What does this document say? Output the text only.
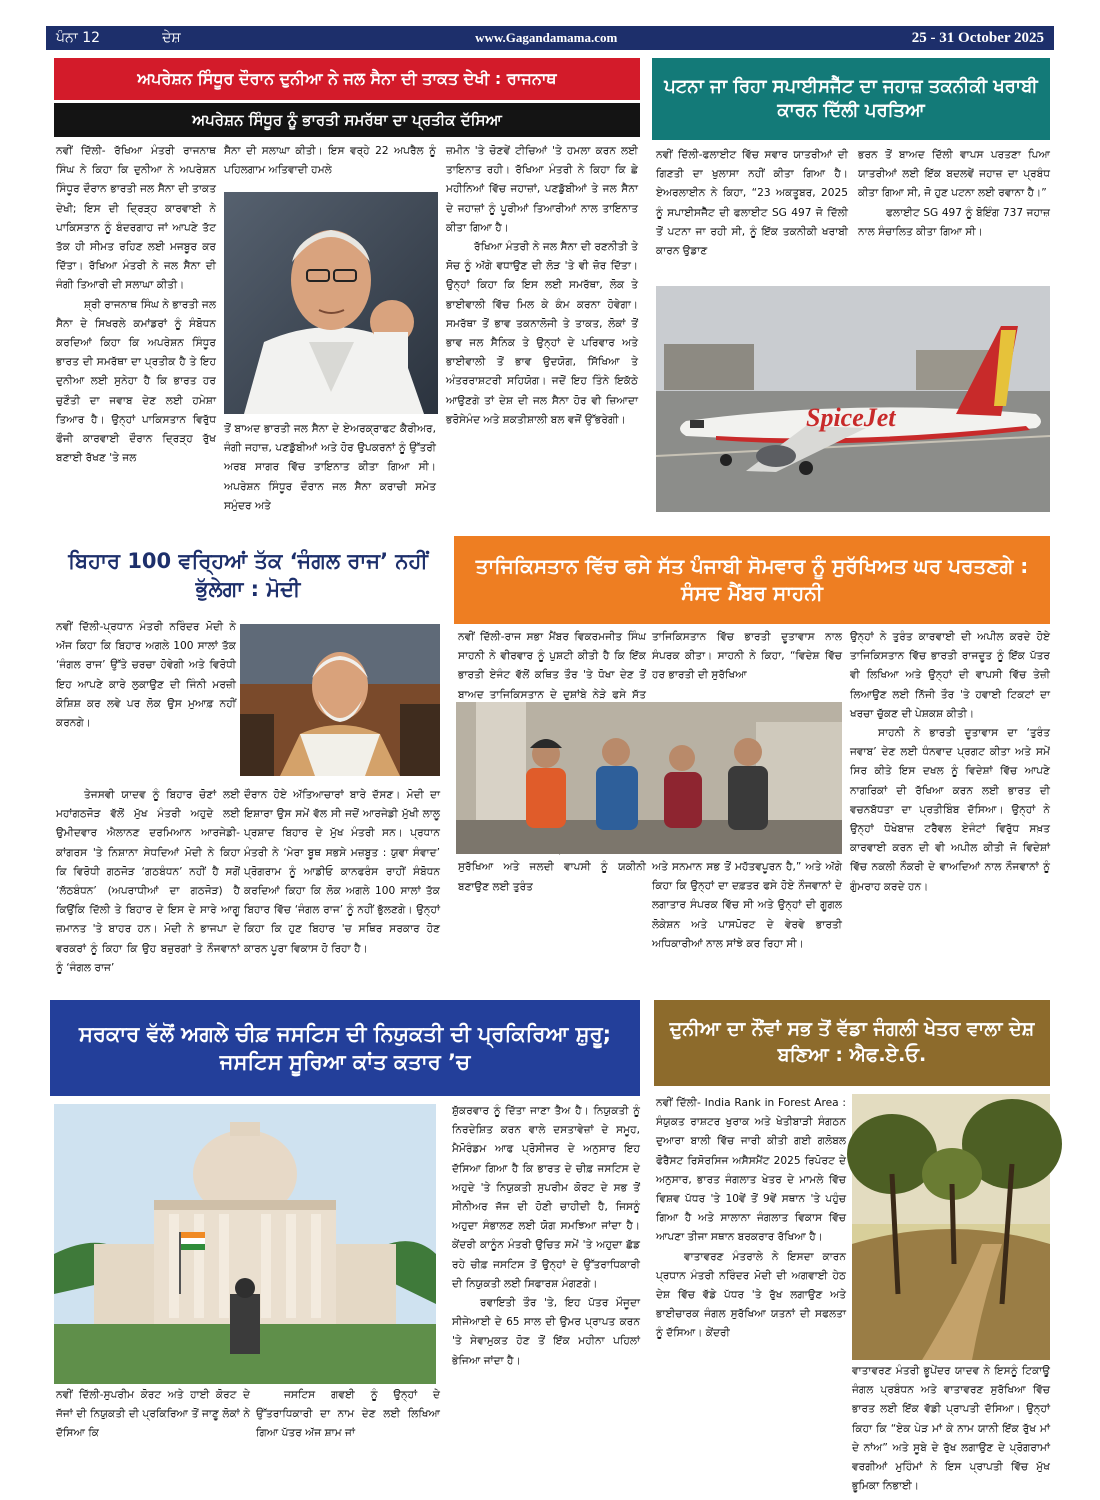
ਪੰਨਾ 12	ਦੇਸ਼	www.Gagandamama.com	25 - 31 October 2025
ਅਪਰੇਸ਼ਨ ਸਿੰਧੂਰ ਦੌਰਾਨ ਦੁਨੀਆ ਨੇ ਜਲ ਸੈਨਾ ਦੀ ਤਾਕਤ ਦੇਖੀ : ਰਾਜਨਾਥ
ਅਪਰੇਸ਼ਨ ਸਿੰਧੂਰ ਨੂੰ ਭਾਰਤੀ ਸਮਰੱਥਾ ਦਾ ਪ੍ਰਤੀਕ ਦੱਸਿਆ

ਨਵੀਂ ਦਿੱਲੀ- ਰੱਖਿਆ ਮੰਤਰੀ ਰਾਜਨਾਥ ਸਿੰਘ ਨੇ ਕਿਹਾ ਕਿ ਦੁਨੀਆ ਨੇ ਅਪਰੇਸ਼ਨ ਸਿੰਧੂਰ ਦੌਰਾਨ ਭਾਰਤੀ ਜਲ ਸੈਨਾ ਦੀ ਤਾਕਤ ਦੇਖੀ; ਇਸ ਦੀ ਦ੍ਰਿੜ੍ਹ ਕਾਰਵਾਈ ਨੇ ਪਾਕਿਸਤਾਨ ਨੂੰ ਬੰਦਰਗਾਹ ਜਾਂ ਆਪਣੇ ਤੱਟ ਤੱਕ ਹੀ ਸੀਮਤ ਰਹਿਣ ਲਈ ਮਜਬੂਰ ਕਰ ਦਿੱਤਾ। ਰੱਖਿਆ ਮੰਤਰੀ ਨੇ ਜਲ ਸੈਨਾ ਦੀ ਜੰਗੀ ਤਿਆਰੀ ਦੀ ਸਲਾਘਾ ਕੀਤੀ।

ਸ਼੍ਰੀ ਰਾਜਨਾਥ ਸਿੰਘ ਨੇ ਭਾਰਤੀ ਜਲ ਸੈਨਾ ਦੇ ਸਿਖਰਲੇ ਕਮਾਂਡਰਾਂ ਨੂੰ ਸੰਬੋਧਨ ਕਰਦਿਆਂ ਕਿਹਾ ਕਿ ਅਪਰੇਸ਼ਨ ਸਿੰਧੂਰ ਭਾਰਤ ਦੀ ਸਮਰੱਥਾ ਦਾ ਪ੍ਰਤੀਕ ਹੈ ਤੇ ਇਹ ਦੁਨੀਆ ਲਈ ਸੁਨੇਹਾ ਹੈ ਕਿ ਭਾਰਤ ਹਰ ਚੁਣੌਤੀ ਦਾ ਜਵਾਬ ਦੇਣ ਲਈ ਹਮੇਸ਼ਾ ਤਿਆਰ ਹੈ। ਉਨ੍ਹਾਂ ਪਾਕਿਸਤਾਨ ਵਿਰੁੱਧ ਫੌਜੀ ਕਾਰਵਾਈ ਦੌਰਾਨ ਦ੍ਰਿੜ੍ਹ ਰੁੱਖ ਬਣਾਈ ਰੱਖਣ 'ਤੇ ਜਲ

ਸੈਨਾ ਦੀ ਸਲਾਘਾ ਕੀਤੀ। ਇਸ ਵਰ੍ਹੇ 22 ਅਪਰੈਲ ਨੂੰ ਪਹਿਲਗਾਮ ਅਤਿਵਾਦੀ ਹਮਲੇ

ਤੋਂ ਬਾਅਦ ਭਾਰਤੀ ਜਲ ਸੈਨਾ ਦੇ ਏਅਰਕ੍ਰਾਫਟ ਕੈਰੀਅਰ, ਜੰਗੀ ਜਹਾਜ਼, ਪਣਡੁੱਬੀਆਂ ਅਤੇ ਹੋਰ ਉਪਕਰਨਾਂ ਨੂੰ ਉੱਤਰੀ ਅਰਬ ਸਾਗਰ ਵਿੱਚ ਤਾਇਨਾਤ ਕੀਤਾ ਗਿਆ ਸੀ। ਅਪਰੇਸ਼ਨ ਸਿੰਧੂਰ ਦੌਰਾਨ ਜਲ ਸੈਨਾ ਕਰਾਚੀ ਸਮੇਤ ਸਮੁੰਦਰ ਅਤੇ

ਜ਼ਮੀਨ 'ਤੇ ਚੋਣਵੇਂ ਟੀਚਿਆਂ 'ਤੇ ਹਮਲਾ ਕਰਨ ਲਈ ਤਾਇਨਾਤ ਰਹੀ। ਰੱਖਿਆ ਮੰਤਰੀ ਨੇ ਕਿਹਾ ਕਿ ਛੇ ਮਹੀਨਿਆਂ ਵਿੱਚ ਜਹਾਜ਼ਾਂ, ਪਣਡੁੱਬੀਆਂ ਤੇ ਜਲ ਸੈਨਾ ਦੇ ਜਹਾਜ਼ਾਂ ਨੂੰ ਪੂਰੀਆਂ ਤਿਆਰੀਆਂ ਨਾਲ ਤਾਇਨਾਤ ਕੀਤਾ ਗਿਆ ਹੈ।

ਰੱਖਿਆ ਮੰਤਰੀ ਨੇ ਜਲ ਸੈਨਾ ਦੀ ਰਣਨੀਤੀ ਤੇ ਸੋਚ ਨੂੰ ਅੱਗੇ ਵਧਾਉਣ ਦੀ ਲੋੜ 'ਤੇ ਵੀ ਜ਼ੋਰ ਦਿੱਤਾ। ਉਨ੍ਹਾਂ ਕਿਹਾ ਕਿ ਇਸ ਲਈ ਸਮਰੱਥਾ, ਲੋਕ ਤੇ ਭਾਈਵਾਲੀ ਵਿੱਚ ਮਿਲ ਕੇ ਕੰਮ ਕਰਨਾ ਹੋਵੇਗਾ। ਸਮਰੱਥਾ ਤੋਂ ਭਾਵ ਤਕਨਾਲੋਜੀ ਤੇ ਤਾਕਤ, ਲੋਕਾਂ ਤੋਂ ਭਾਵ ਜਲ ਸੈਨਿਕ ਤੇ ਉਨ੍ਹਾਂ ਦੇ ਪਰਿਵਾਰ ਅਤੇ ਭਾਈਵਾਲੀ ਤੋਂ ਭਾਵ ਉਦਯੋਗ, ਸਿੱਖਿਆ ਤੇ ਅੰਤਰਰਾਸ਼ਟਰੀ ਸਹਿਯੋਗ। ਜਦੋਂ ਇਹ ਤਿੰਨੇ ਇਕੱਠੇ ਆਉਣਗੇ ਤਾਂ ਦੇਸ਼ ਦੀ ਜਲ ਸੈਨਾ ਹੋਰ ਵੀ ਜ਼ਿਆਦਾ ਭਰੋਸੇਮੰਦ ਅਤੇ ਸ਼ਕਤੀਸ਼ਾਲੀ ਬਲ ਵਜੋਂ ਉੱਭਰੇਗੀ।

ਪਟਨਾ ਜਾ ਰਿਹਾ ਸਪਾਈਸਜੈੱਟ ਦਾ ਜਹਾਜ਼ ਤਕਨੀਕੀ ਖਰਾਬੀ ਕਾਰਨ ਦਿੱਲੀ ਪਰਤਿਆ

ਨਵੀਂ ਦਿੱਲੀ-ਫਲਾਈਟ ਵਿੱਚ ਸਵਾਰ ਯਾਤਰੀਆਂ ਦੀ ਗਿਣਤੀ ਦਾ ਖੁਲਾਸਾ ਨਹੀਂ ਕੀਤਾ ਗਿਆ ਹੈ। ਏਅਰਲਾਈਨ ਨੇ ਕਿਹਾ, “23 ਅਕਤੂਬਰ, 2025 ਨੂੰ ਸਪਾਈਸਜੈੱਟ ਦੀ ਫਲਾਈਟ SG 497 ਜੋ ਦਿੱਲੀ ਤੋਂ ਪਟਨਾ ਜਾ ਰਹੀ ਸੀ, ਨੂੰ ਇੱਕ ਤਕਨੀਕੀ ਖਰਾਬੀ ਕਾਰਨ ਉਡਾਣ

ਭਰਨ ਤੋਂ ਬਾਅਦ ਦਿੱਲੀ ਵਾਪਸ ਪਰਤਣਾ ਪਿਆ ਯਾਤਰੀਆਂ ਲਈ ਇੱਕ ਬਦਲਵੇਂ ਜਹਾਜ਼ ਦਾ ਪ੍ਰਬੰਧ ਕੀਤਾ ਗਿਆ ਸੀ, ਜੋ ਹੁਣ ਪਟਨਾ ਲਈ ਰਵਾਨਾ ਹੈ।”

ਫਲਾਈਟ SG 497 ਨੂੰ ਬੋਇੰਗ 737 ਜਹਾਜ਼ ਨਾਲ ਸੰਚਾਲਿਤ ਕੀਤਾ ਗਿਆ ਸੀ।

SpiceJet
ਬਿਹਾਰ 100 ਵਰ੍ਹਿਆਂ ਤੱਕ ‘ਜੰਗਲ ਰਾਜ’ ਨਹੀਂ ਭੁੱਲੇਗਾ : ਮੋਦੀ

ਨਵੀਂ ਦਿੱਲੀ-ਪ੍ਰਧਾਨ ਮੰਤਰੀ ਨਰਿੰਦਰ ਮੋਦੀ ਨੇ ਅੱਜ ਕਿਹਾ ਕਿ ਬਿਹਾਰ ਅਗਲੇ 100 ਸਾਲਾਂ ਤੱਕ ‘ਜੰਗਲ ਰਾਜ’ ਉੱਤੇ ਚਰਚਾ ਹੋਵੇਗੀ ਅਤੇ ਵਿਰੋਧੀ ਇਹ ਆਪਣੇ ਕਾਰੇ ਲੁਕਾਉਣ ਦੀ ਜਿੰਨੀ ਮਰਜ਼ੀ ਕੋਸ਼ਿਸ਼ ਕਰ ਲਵੇ ਪਰ ਲੋਕ ਉਸ ਮੁਆਫ਼ ਨਹੀਂ ਕਰਨਗੇ।

ਤੇਜਸਵੀ ਯਾਦਵ ਨੂੰ ਬਿਹਾਰ ਚੋਣਾਂ ਲਈ ਮਹਾਂਗਠਜੋੜ ਵੱਲੋਂ ਮੁੱਖ ਮੰਤਰੀ ਅਹੁਦੇ ਲਈ ਉਮੀਦਵਾਰ ਐਲਾਨਣ ਦਰਮਿਆਨ ਆਰਜੇਡੀ-ਕਾਂਗਰਸ 'ਤੇ ਨਿਸ਼ਾਨਾ ਸੇਧਦਿਆਂ ਮੋਦੀ ਨੇ ਕਿਹਾ ਕਿ ਵਿਰੋਧੀ ਗਠਜੋੜ ‘ਗਠਬੰਧਨ’ ਨਹੀਂ ਹੈ ਸਗੋਂ ‘ਲੱਠਬੰਧਨ’ (ਅਪਰਾਧੀਆਂ ਦਾ ਗਠਜੋੜ) ਹੈ ਕਿਉਂਕਿ ਦਿੱਲੀ ਤੇ ਬਿਹਾਰ ਦੇ ਇਸ ਦੇ ਸਾਰੇ ਆਗੂ ਜ਼ਮਾਨਤ 'ਤੇ ਬਾਹਰ ਹਨ। ਮੋਦੀ ਨੇ ਭਾਜਪਾ ਦੇ ਵਰਕਰਾਂ ਨੂੰ ਕਿਹਾ ਕਿ ਉਹ ਬਜ਼ੁਰਗਾਂ ਤੇ ਨੌਜਵਾਨਾਂ ਨੂੰ ‘ਜੰਗਲ ਰਾਜ’

ਦੌਰਾਨ ਹੋਏ ਅੱਤਿਆਚਾਰਾਂ ਬਾਰੇ ਦੱਸਣ। ਮੋਦੀ ਦਾ ਇਸ਼ਾਰਾ ਉਸ ਸਮੇਂ ਵੱਲ ਸੀ ਜਦੋਂ ਆਰਜੇਡੀ ਮੁੱਖੀ ਲਾਲੂ ਪ੍ਰਸ਼ਾਦ ਬਿਹਾਰ ਦੇ ਮੁੱਖ ਮੰਤਰੀ ਸਨ। ਪ੍ਰਧਾਨ ਮੰਤਰੀ ਨੇ ‘ਮੇਰਾ ਬੂਥ ਸਭਸੇ ਮਜ਼ਬੂਤ : ਯੁਵਾ ਸੰਵਾਦ’ ਪ੍ਰੋਗਰਾਮ ਨੂੰ ਆਡੀਓ ਕਾਨਫਰੰਸ ਰਾਹੀਂ ਸੰਬੋਧਨ ਕਰਦਿਆਂ ਕਿਹਾ ਕਿ ਲੋਕ ਅਗਲੇ 100 ਸਾਲਾਂ ਤੱਕ ਬਿਹਾਰ ਵਿੱਚ ‘ਜੰਗਲ ਰਾਜ’ ਨੂੰ ਨਹੀਂ ਭੁੱਲਣਗੇ। ਉਨ੍ਹਾਂ ਕਿਹਾ ਕਿ ਹੁਣ ਬਿਹਾਰ 'ਚ ਸਥਿਰ ਸਰਕਾਰ ਹੋਣ ਕਾਰਨ ਪੂਰਾ ਵਿਕਾਸ ਹੋ ਰਿਹਾ ਹੈ।

ਤਾਜਿਕਿਸਤਾਨ ਵਿੱਚ ਫਸੇ ਸੱਤ ਪੰਜਾਬੀ ਸੋਮਵਾਰ ਨੂੰ ਸੁਰੱਖਿਅਤ ਘਰ ਪਰਤਣਗੇ : ਸੰਸਦ ਮੈਂਬਰ ਸਾਹਨੀ

ਨਵੀਂ ਦਿੱਲੀ-ਰਾਜ ਸਭਾ ਮੈਂਬਰ ਵਿਕਰਮਜੀਤ ਸਿੰਘ ਸਾਹਨੀ ਨੇ ਵੀਰਵਾਰ ਨੂੰ ਪੁਸ਼ਟੀ ਕੀਤੀ ਹੈ ਕਿ ਇੱਕ ਭਾਰਤੀ ਏਜੰਟ ਵੱਲੋਂ ਕਥਿਤ ਤੌਰ 'ਤੇ ਧੋਖਾ ਦੇਣ ਤੋਂ ਬਾਅਦ ਤਾਜਿਕਿਸਤਾਨ ਦੇ ਦੁਸ਼ਾਂਬੇ ਨੇੜੇ ਫਸੇ ਸੱਤ

ਸੁਰੱਖਿਆ ਅਤੇ ਜਲਦੀ ਵਾਪਸੀ ਨੂੰ ਯਕੀਨੀ ਬਣਾਉਣ ਲਈ ਤੁਰੰਤ

ਤਾਜਿਕਿਸਤਾਨ ਵਿੱਚ ਭਾਰਤੀ ਦੂਤਾਵਾਸ ਨਾਲ ਸੰਪਰਕ ਕੀਤਾ। ਸਾਹਨੀ ਨੇ ਕਿਹਾ, “ਵਿਦੇਸ਼ ਵਿੱਚ ਹਰ ਭਾਰਤੀ ਦੀ ਸੁਰੱਖਿਆ

ਅਤੇ ਸਨਮਾਨ ਸਭ ਤੋਂ ਮਹੱਤਵਪੂਰਨ ਹੈ,” ਅਤੇ ਅੱਗੇ ਕਿਹਾ ਕਿ ਉਨ੍ਹਾਂ ਦਾ ਦਫ਼ਤਰ ਫਸੇ ਹੋਏ ਨੌਜਵਾਨਾਂ ਦੇ ਲਗਾਤਾਰ ਸੰਪਰਕ ਵਿੱਚ ਸੀ ਅਤੇ ਉਨ੍ਹਾਂ ਦੀ ਗੂਗਲ ਲੋਕੇਸ਼ਨ ਅਤੇ ਪਾਸਪੋਰਟ ਦੇ ਵੇਰਵੇ ਭਾਰਤੀ ਅਧਿਕਾਰੀਆਂ ਨਾਲ ਸਾਂਝੇ ਕਰ ਰਿਹਾ ਸੀ।

ਉਨ੍ਹਾਂ ਨੇ ਤੁਰੰਤ ਕਾਰਵਾਈ ਦੀ ਅਪੀਲ ਕਰਦੇ ਹੋਏ ਤਾਜਿਕਿਸਤਾਨ ਵਿੱਚ ਭਾਰਤੀ ਰਾਜਦੂਤ ਨੂੰ ਇੱਕ ਪੱਤਰ ਵੀ ਲਿਖਿਆ ਅਤੇ ਉਨ੍ਹਾਂ ਦੀ ਵਾਪਸੀ ਵਿੱਚ ਤੇਜ਼ੀ ਲਿਆਉਣ ਲਈ ਨਿੱਜੀ ਤੌਰ 'ਤੇ ਹਵਾਈ ਟਿਕਟਾਂ ਦਾ ਖਰਚਾ ਚੁੱਕਣ ਦੀ ਪੇਸ਼ਕਸ਼ ਕੀਤੀ।

ਸਾਹਨੀ ਨੇ ਭਾਰਤੀ ਦੂਤਾਵਾਸ ਦਾ ‘ਤੁਰੰਤ ਜਵਾਬ’ ਦੇਣ ਲਈ ਧੰਨਵਾਦ ਪ੍ਰਗਟ ਕੀਤਾ ਅਤੇ ਸਮੇਂ ਸਿਰ ਕੀਤੇ ਇਸ ਦਖਲ ਨੂੰ ਵਿਦੇਸ਼ਾਂ ਵਿੱਚ ਆਪਣੇ ਨਾਗਰਿਕਾਂ ਦੀ ਰੱਖਿਆ ਕਰਨ ਲਈ ਭਾਰਤ ਦੀ ਵਚਨਬੱਧਤਾ ਦਾ ਪ੍ਰਤੀਬਿੰਬ ਦੱਸਿਆ। ਉਨ੍ਹਾਂ ਨੇ ਉਨ੍ਹਾਂ ਧੋਖੇਬਾਜ਼ ਟਰੈਵਲ ਏਜੰਟਾਂ ਵਿਰੁੱਧ ਸਖ਼ਤ ਕਾਰਵਾਈ ਕਰਨ ਦੀ ਵੀ ਅਪੀਲ ਕੀਤੀ ਜੋ ਵਿਦੇਸ਼ਾਂ ਵਿੱਚ ਨਕਲੀ ਨੌਕਰੀ ਦੇ ਵਾਅਦਿਆਂ ਨਾਲ ਨੌਜਵਾਨਾਂ ਨੂੰ ਗੁੰਮਰਾਹ ਕਰਦੇ ਹਨ।

ਸਰਕਾਰ ਵੱਲੋਂ ਅਗਲੇ ਚੀਫ਼ ਜਸਟਿਸ ਦੀ ਨਿਯੁਕਤੀ ਦੀ ਪ੍ਰਕਿਰਿਆ ਸ਼ੁਰੂ; ਜਸਟਿਸ ਸੂਰਿਆ ਕਾਂਤ ਕਤਾਰ ’ਚ

ਨਵੀਂ ਦਿੱਲੀ-ਸੁਪਰੀਮ ਕੋਰਟ ਅਤੇ ਹਾਈ ਕੋਰਟ ਦੇ ਜੱਜਾਂ ਦੀ ਨਿਯੁਕਤੀ ਦੀ ਪ੍ਰਕਿਰਿਆ ਤੋਂ ਜਾਣੂ ਲੋਕਾਂ ਨੇ ਦੱਸਿਆ ਕਿ

ਜਸਟਿਸ ਗਵਈ ਨੂੰ ਉਨ੍ਹਾਂ ਦੇ ਉੱਤਰਾਧਿਕਾਰੀ ਦਾ ਨਾਮ ਦੇਣ ਲਈ ਲਿਖਿਆ ਗਿਆ ਪੱਤਰ ਅੱਜ ਸ਼ਾਮ ਜਾਂ

ਸ਼ੁੱਕਰਵਾਰ ਨੂੰ ਦਿੱਤਾ ਜਾਣਾ ਤੈਅ ਹੈ। ਨਿਯੁਕਤੀ ਨੂੰ ਨਿਰਦੇਸ਼ਿਤ ਕਰਨ ਵਾਲੇ ਦਸਤਾਵੇਜ਼ਾਂ ਦੇ ਸਮੂਹ, ਮੈਮੋਰੰਡਮ ਆਫ ਪ੍ਰੋਸੀਜਰ ਦੇ ਅਨੁਸਾਰ ਇਹ ਦੱਸਿਆ ਗਿਆ ਹੈ ਕਿ ਭਾਰਤ ਦੇ ਚੀਫ਼ ਜਸਟਿਸ ਦੇ ਅਹੁਦੇ 'ਤੇ ਨਿਯੁਕਤੀ ਸੁਪਰੀਮ ਕੋਰਟ ਦੇ ਸਭ ਤੋਂ ਸੀਨੀਅਰ ਜੱਜ ਦੀ ਹੋਣੀ ਚਾਹੀਦੀ ਹੈ, ਜਿਸਨੂੰ ਅਹੁਦਾ ਸੰਭਾਲਣ ਲਈ ਯੋਗ ਸਮਝਿਆ ਜਾਂਦਾ ਹੈ। ਕੇਂਦਰੀ ਕਾਨੂੰਨ ਮੰਤਰੀ ਉਚਿਤ ਸਮੇਂ 'ਤੇ ਅਹੁਦਾ ਛੱਡ ਰਹੇ ਚੀਫ਼ ਜਸਟਿਸ ਤੋਂ ਉਨ੍ਹਾਂ ਦੇ ਉੱਤਰਾਧਿਕਾਰੀ ਦੀ ਨਿਯੁਕਤੀ ਲਈ ਸਿਫਾਰਸ਼ ਮੰਗਣਗੇ।

ਰਵਾਇਤੀ ਤੌਰ 'ਤੇ, ਇਹ ਪੱਤਰ ਮੌਜੂਦਾ ਸੀਜੇਆਈ ਦੇ 65 ਸਾਲ ਦੀ ਉਮਰ ਪ੍ਰਾਪਤ ਕਰਨ 'ਤੇ ਸੇਵਾਮੁਕਤ ਹੋਣ ਤੋਂ ਇੱਕ ਮਹੀਨਾ ਪਹਿਲਾਂ ਭੇਜਿਆ ਜਾਂਦਾ ਹੈ।

ਦੁਨੀਆ ਦਾ ਨੌਂਵਾਂ ਸਭ ਤੋਂ ਵੱਡਾ ਜੰਗਲੀ ਖੇਤਰ ਵਾਲਾ ਦੇਸ਼ ਬਣਿਆ : ਐਫ.ਏ.ਓ.

ਨਵੀਂ ਦਿੱਲੀ- India Rank in Forest Area : ਸੰਯੁਕਤ ਰਾਸ਼ਟਰ ਖੁਰਾਕ ਅਤੇ ਖੇਤੀਬਾੜੀ ਸੰਗਠਨ ਦੁਆਰਾ ਬਾਲੀ ਵਿੱਚ ਜਾਰੀ ਕੀਤੀ ਗਈ ਗਲੋਬਲ ਫੋਰੈਸਟ ਰਿਸੋਰਸਿਜ ਅਸੈਸਮੈਂਟ 2025 ਰਿਪੋਰਟ ਦੇ ਅਨੁਸਾਰ, ਭਾਰਤ ਜੰਗਲਾਤ ਖੇਤਰ ਦੇ ਮਾਮਲੇ ਵਿੱਚ ਵਿਸ਼ਵ ਪੱਧਰ 'ਤੇ 10ਵੇਂ ਤੋਂ 9ਵੇਂ ਸਥਾਨ 'ਤੇ ਪਹੁੰਚ ਗਿਆ ਹੈ ਅਤੇ ਸਾਲਾਨਾ ਜੰਗਲਾਤ ਵਿਕਾਸ ਵਿੱਚ ਆਪਣਾ ਤੀਜਾ ਸਥਾਨ ਬਰਕਰਾਰ ਰੱਖਿਆ ਹੈ।

ਵਾਤਾਵਰਣ ਮੰਤਰਾਲੇ ਨੇ ਇਸਦਾ ਕਾਰਨ ਪ੍ਰਧਾਨ ਮੰਤਰੀ ਨਰਿੰਦਰ ਮੋਦੀ ਦੀ ਅਗਵਾਈ ਹੇਠ ਦੇਸ਼ ਵਿੱਚ ਵੱਡੇ ਪੱਧਰ 'ਤੇ ਰੁੱਖ ਲਗਾਉਣ ਅਤੇ ਭਾਈਚਾਰਕ ਜੰਗਲ ਸੁਰੱਖਿਆ ਯਤਨਾਂ ਦੀ ਸਫਲਤਾ ਨੂੰ ਦੱਸਿਆ। ਕੇਂਦਰੀ

ਵਾਤਾਵਰਣ ਮੰਤਰੀ ਭੂਪੇਂਦਰ ਯਾਦਵ ਨੇ ਇਸਨੂੰ ਟਿਕਾਊ ਜੰਗਲ ਪ੍ਰਬੰਧਨ ਅਤੇ ਵਾਤਾਵਰਣ ਸੁਰੱਖਿਆ ਵਿੱਚ ਭਾਰਤ ਲਈ ਇੱਕ ਵੱਡੀ ਪ੍ਰਾਪਤੀ ਦੱਸਿਆ। ਉਨ੍ਹਾਂ ਕਿਹਾ ਕਿ “ਏਕ ਪੇੜ ਮਾਂ ਕੇ ਨਾਮ ਯਾਨੀ ਇੱਕ ਰੁੱਖ ਮਾਂ ਦੇ ਨਾਂਅ” ਅਤੇ ਸੂਬੇ ਦੇ ਰੁੱਖ ਲਗਾਉਣ ਦੇ ਪ੍ਰੋਗਰਾਮਾਂ ਵਰਗੀਆਂ ਮੁਹਿੰਮਾਂ ਨੇ ਇਸ ਪ੍ਰਾਪਤੀ ਵਿੱਚ ਮੁੱਖ ਭੂਮਿਕਾ ਨਿਭਾਈ।
